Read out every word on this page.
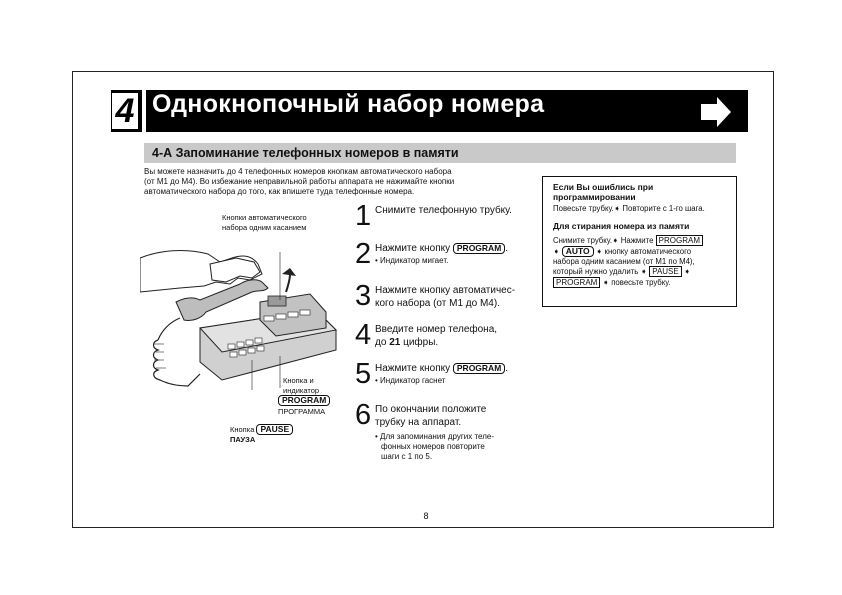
4 Однокнопочный набор номера
4-А Запоминание телефонных номеров в памяти
Вы можете назначить до 4 телефонных номеров кнопкам автоматического набора
(от M1 до M4). Во избежание неправильной работы аппарата не нажимайте кнопки
автоматического набора до того, как впишете туда телефонные номера.
Кнопки автоматического
набора одним касанием
Кнопка и
индикатор
PROGRAM
ПРОГРАММА
Кнопка PAUSE
ПАУЗА
1 Снимите телефонную трубку.
2 Нажмите кнопку PROGRAM .
• Индикатор мигает.
3 Нажмите кнопку автоматичес-
кого набора (от M1 до M4).
4 Введите номер телефона,
до 21 цифры.
5 Нажмите кнопку PROGRAM .
• Индикатор гаснет
6 По окончании положите
трубку на аппарат.
• Для запоминания других теле-
фонных номеров повторите
шаги с 1 по 5.
Если Вы ошиблись при
программировании
Повесьте трубку.➧ Повторите с 1-го шага.
Для стирания номера из памяти
Снимите трубку.➧ Нажмите PROGRAM
➧ AUTO ➧ кнопку автоматического
набора одним касанием (от M1 по M4),
который нужно удалить ➧ PAUSE ➧
PROGRAM ➧ повесьте трубку.
8
